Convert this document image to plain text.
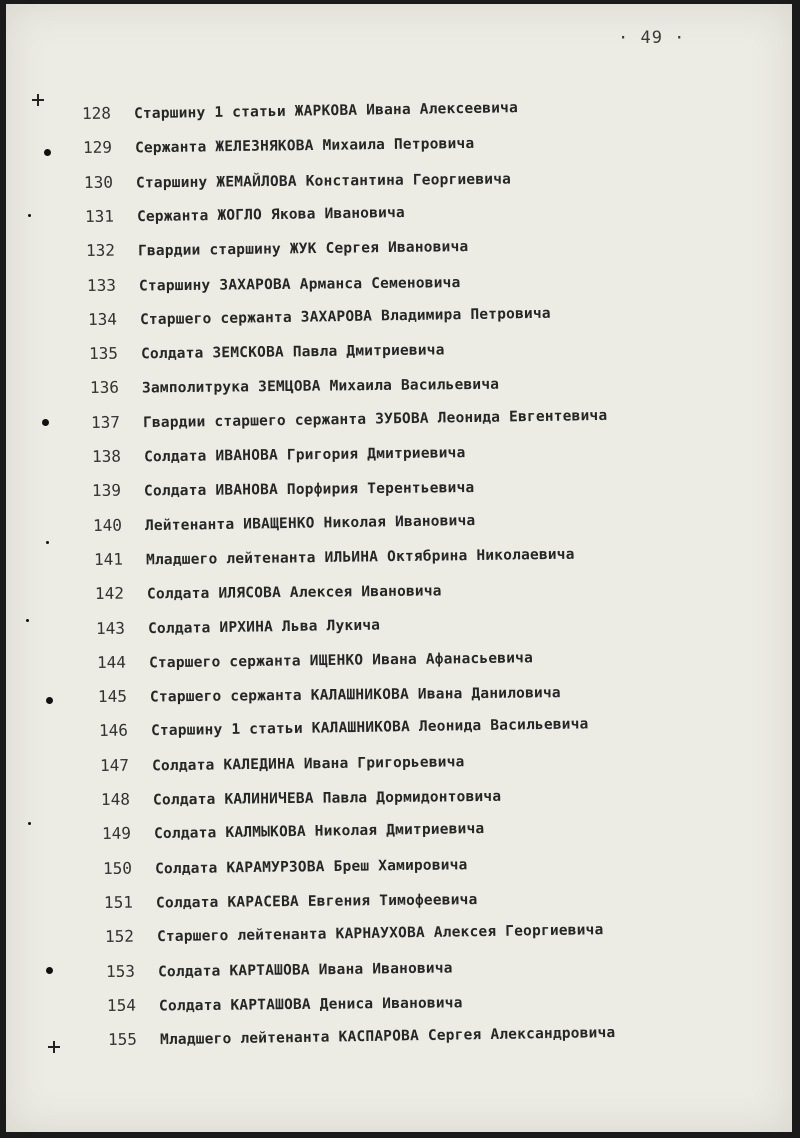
· 49 ·
128 Старшину 1 статьи ЖАРКОВА Ивана Алексеевича
129 Сержанта ЖЕЛЕЗНЯКОВА Михаила Петровича
130 Старшину ЖЕМАЙЛОВА Константина Георгиевича
131 Сержанта ЖОГЛО Якова Ивановича
132 Гвардии старшину ЖУК Сергея Ивановича
133 Старшину ЗАХАРОВА Арманса Семеновича
134 Старшего сержанта ЗАХАРОВА Владимира Петровича
135 Солдата ЗЕМСКОВА Павла Дмитриевича
136 Замполитрука ЗЕМЦОВА Михаила Васильевича
137 Гвардии старшего сержанта ЗУБОВА Леонида Евгентевича
138 Солдата ИВАНОВА Григория Дмитриевича
139 Солдата ИВАНОВА Порфирия Терентьевича
140 Лейтенанта ИВАЩЕНКО Николая Ивановича
141 Младшего лейтенанта ИЛЬИНА Октябрина Николаевича
142 Солдата ИЛЯСОВА Алексея Ивановича
143 Солдата ИРХИНА Льва Лукича
144 Старшего сержанта ИЩЕНКО Ивана Афанасьевича
145 Старшего сержанта КАЛАШНИКОВА Ивана Даниловича
146 Старшину 1 статьи КАЛАШНИКОВА Леонида Васильевича
147 Солдата КАЛЕДИНА Ивана Григорьевича
148 Солдата КАЛИНИЧЕВА Павла Дормидонтовича
149 Солдата КАЛМЫКОВА Николая Дмитриевича
150 Солдата КАРАМУРЗОВА Бреш Хамировича
151 Солдата КАРАСЕВА Евгения Тимофеевича
152 Старшего лейтенанта КАРНАУХОВА Алексея Георгиевича
153 Солдата КАРТАШОВА Ивана Ивановича
154 Солдата КАРТАШОВА Дениса Ивановича
155 Младшего лейтенанта КАСПАРОВА Сергея Александровича
